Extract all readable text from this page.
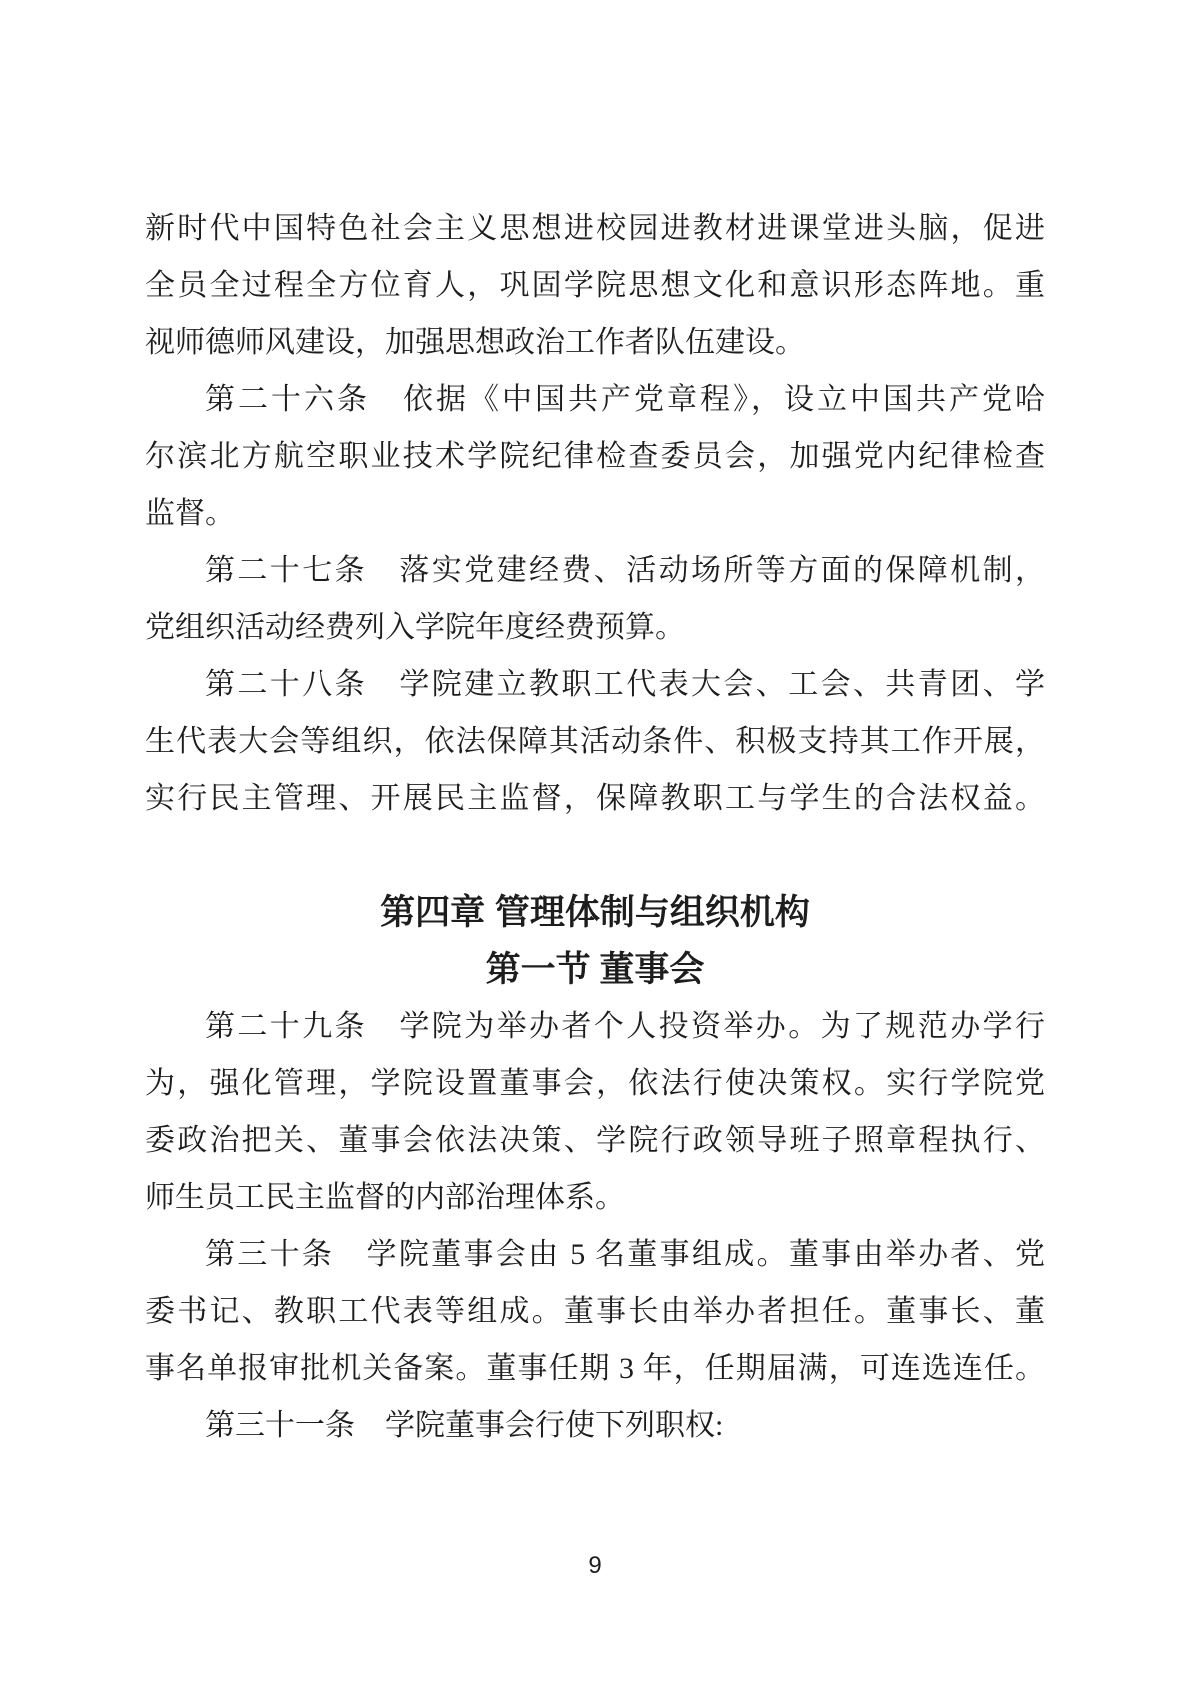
新时代中国特色社会主义思想进校园进教材进课堂进头脑，促进
全员全过程全方位育人，巩固学院思想文化和意识形态阵地。重
视师德师风建设，加强思想政治工作者队伍建设。
第二十六条　依据《中国共产党章程》，设立中国共产党哈
尔滨北方航空职业技术学院纪律检查委员会，加强党内纪律检查
监督。
第二十七条　落实党建经费、活动场所等方面的保障机制，
党组织活动经费列入学院年度经费预算。
第二十八条　学院建立教职工代表大会、工会、共青团、学
生代表大会等组织，依法保障其活动条件、积极支持其工作开展，
实行民主管理、开展民主监督，保障教职工与学生的合法权益。
第四章 管理体制与组织机构
第一节 董事会
第二十九条　学院为举办者个人投资举办。为了规范办学行
为，强化管理，学院设置董事会，依法行使决策权。实行学院党
委政治把关、董事会依法决策、学院行政领导班子照章程执行、
师生员工民主监督的内部治理体系。
第三十条　学院董事会由 5 名董事组成。董事由举办者、党
委书记、教职工代表等组成。董事长由举办者担任。董事长、董
事名单报审批机关备案。董事任期 3 年，任期届满，可连选连任。
第三十一条　学院董事会行使下列职权:
9
